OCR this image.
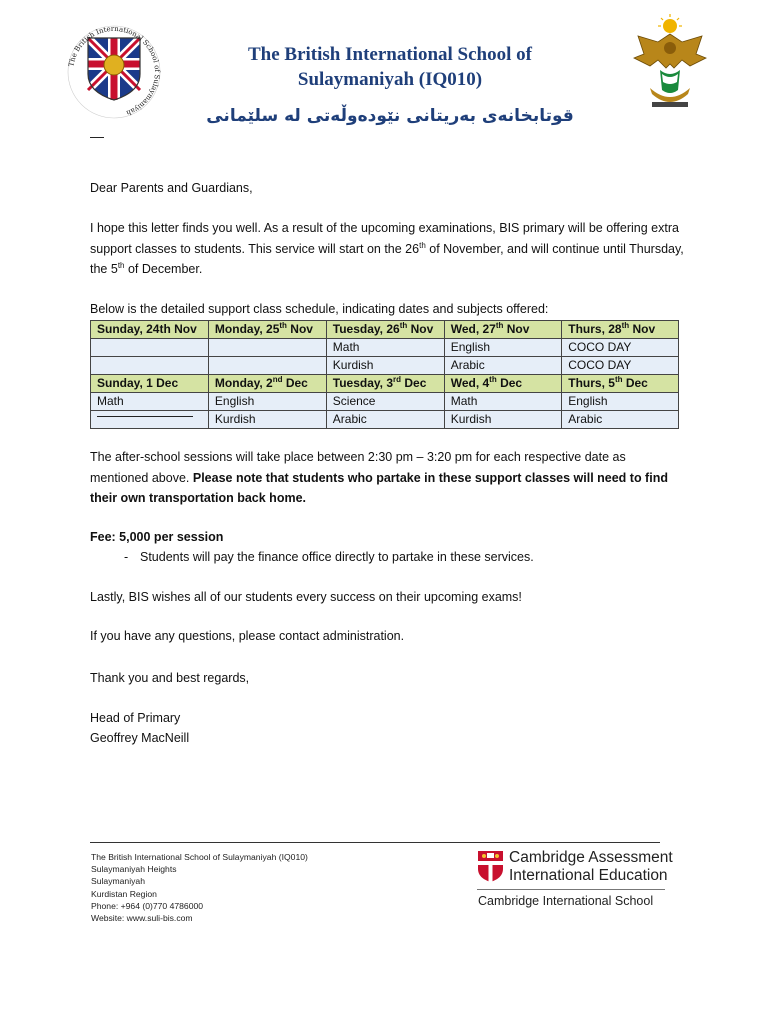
The British International School of Sulaymaniyah
The British International School of
Sulaymaniyah (IQ010)
قوتابخانەی بەریتانی نێودەوڵەتی لە سلێمانی
—
Dear Parents and Guardians,
I hope this letter finds you well. As a result of the upcoming examinations, BIS primary will be offering extra support classes to students. This service will start on the 26th of November, and will continue until Thursday, the 5th of December.
Below is the detailed support class schedule, indicating dates and subjects offered:
Sunday, 24th Nov	Monday, 25th Nov	Tuesday, 26th Nov	Wed, 27th Nov	Thurs, 28th Nov
		Math	English	COCO DAY
		Kurdish	Arabic	COCO DAY
Sunday, 1 Dec	Monday, 2nd Dec	Tuesday, 3rd Dec	Wed, 4th Dec	Thurs, 5th Dec
Math	English	Science	Math	English
	Kurdish	Arabic	Kurdish	Arabic
The after-school sessions will take place between 2:30 pm – 3:20 pm for each respective date as mentioned above. Please note that students who partake in these support classes will need to find their own transportation back home.
Fee: 5,000 per session
- Students will pay the finance office directly to partake in these services.
Lastly, BIS wishes all of our students every success on their upcoming exams!
If you have any questions, please contact administration.
Thank you and best regards,
Head of Primary
Geoffrey MacNeill
The British International School of Sulaymaniyah (IQ010)
Sulaymaniyah Heights
Sulaymaniyah
Kurdistan Region
Phone: +964 (0)770 4786000
Website: www.suli-bis.com
Cambridge Assessment
International Education
Cambridge International School
